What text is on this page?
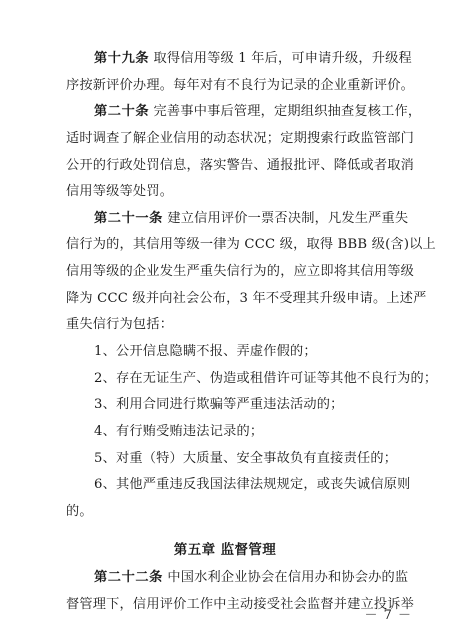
第十九条 取得信用等级 1 年后，可申请升级，升级程
序按新评价办理。每年对有不良行为记录的企业重新评价。
第二十条 完善事中事后管理，定期组织抽查复核工作，
适时调查了解企业信用的动态状况；定期搜索行政监管部门
公开的行政处罚信息，落实警告、通报批评、降低或者取消
信用等级等处罚。
第二十一条 建立信用评价一票否决制，凡发生严重失
信行为的，其信用等级一律为 CCC 级，取得 BBB 级(含)以上
信用等级的企业发生严重失信行为的，应立即将其信用等级
降为 CCC 级并向社会公布，3 年不受理其升级申请。上述严
重失信行为包括：
1、公开信息隐瞒不报、弄虚作假的；
2、存在无证生产、伪造或租借许可证等其他不良行为的；
3、利用合同进行欺骗等严重违法活动的；
4、有行贿受贿违法记录的；
5、对重（特）大质量、安全事故负有直接责任的；
6、其他严重违反我国法律法规规定，或丧失诚信原则
的。
第五章 监督管理
第二十二条 中国水利企业协会在信用办和协会办的监
督管理下，信用评价工作中主动接受社会监督并建立投诉举
－ 7 －
